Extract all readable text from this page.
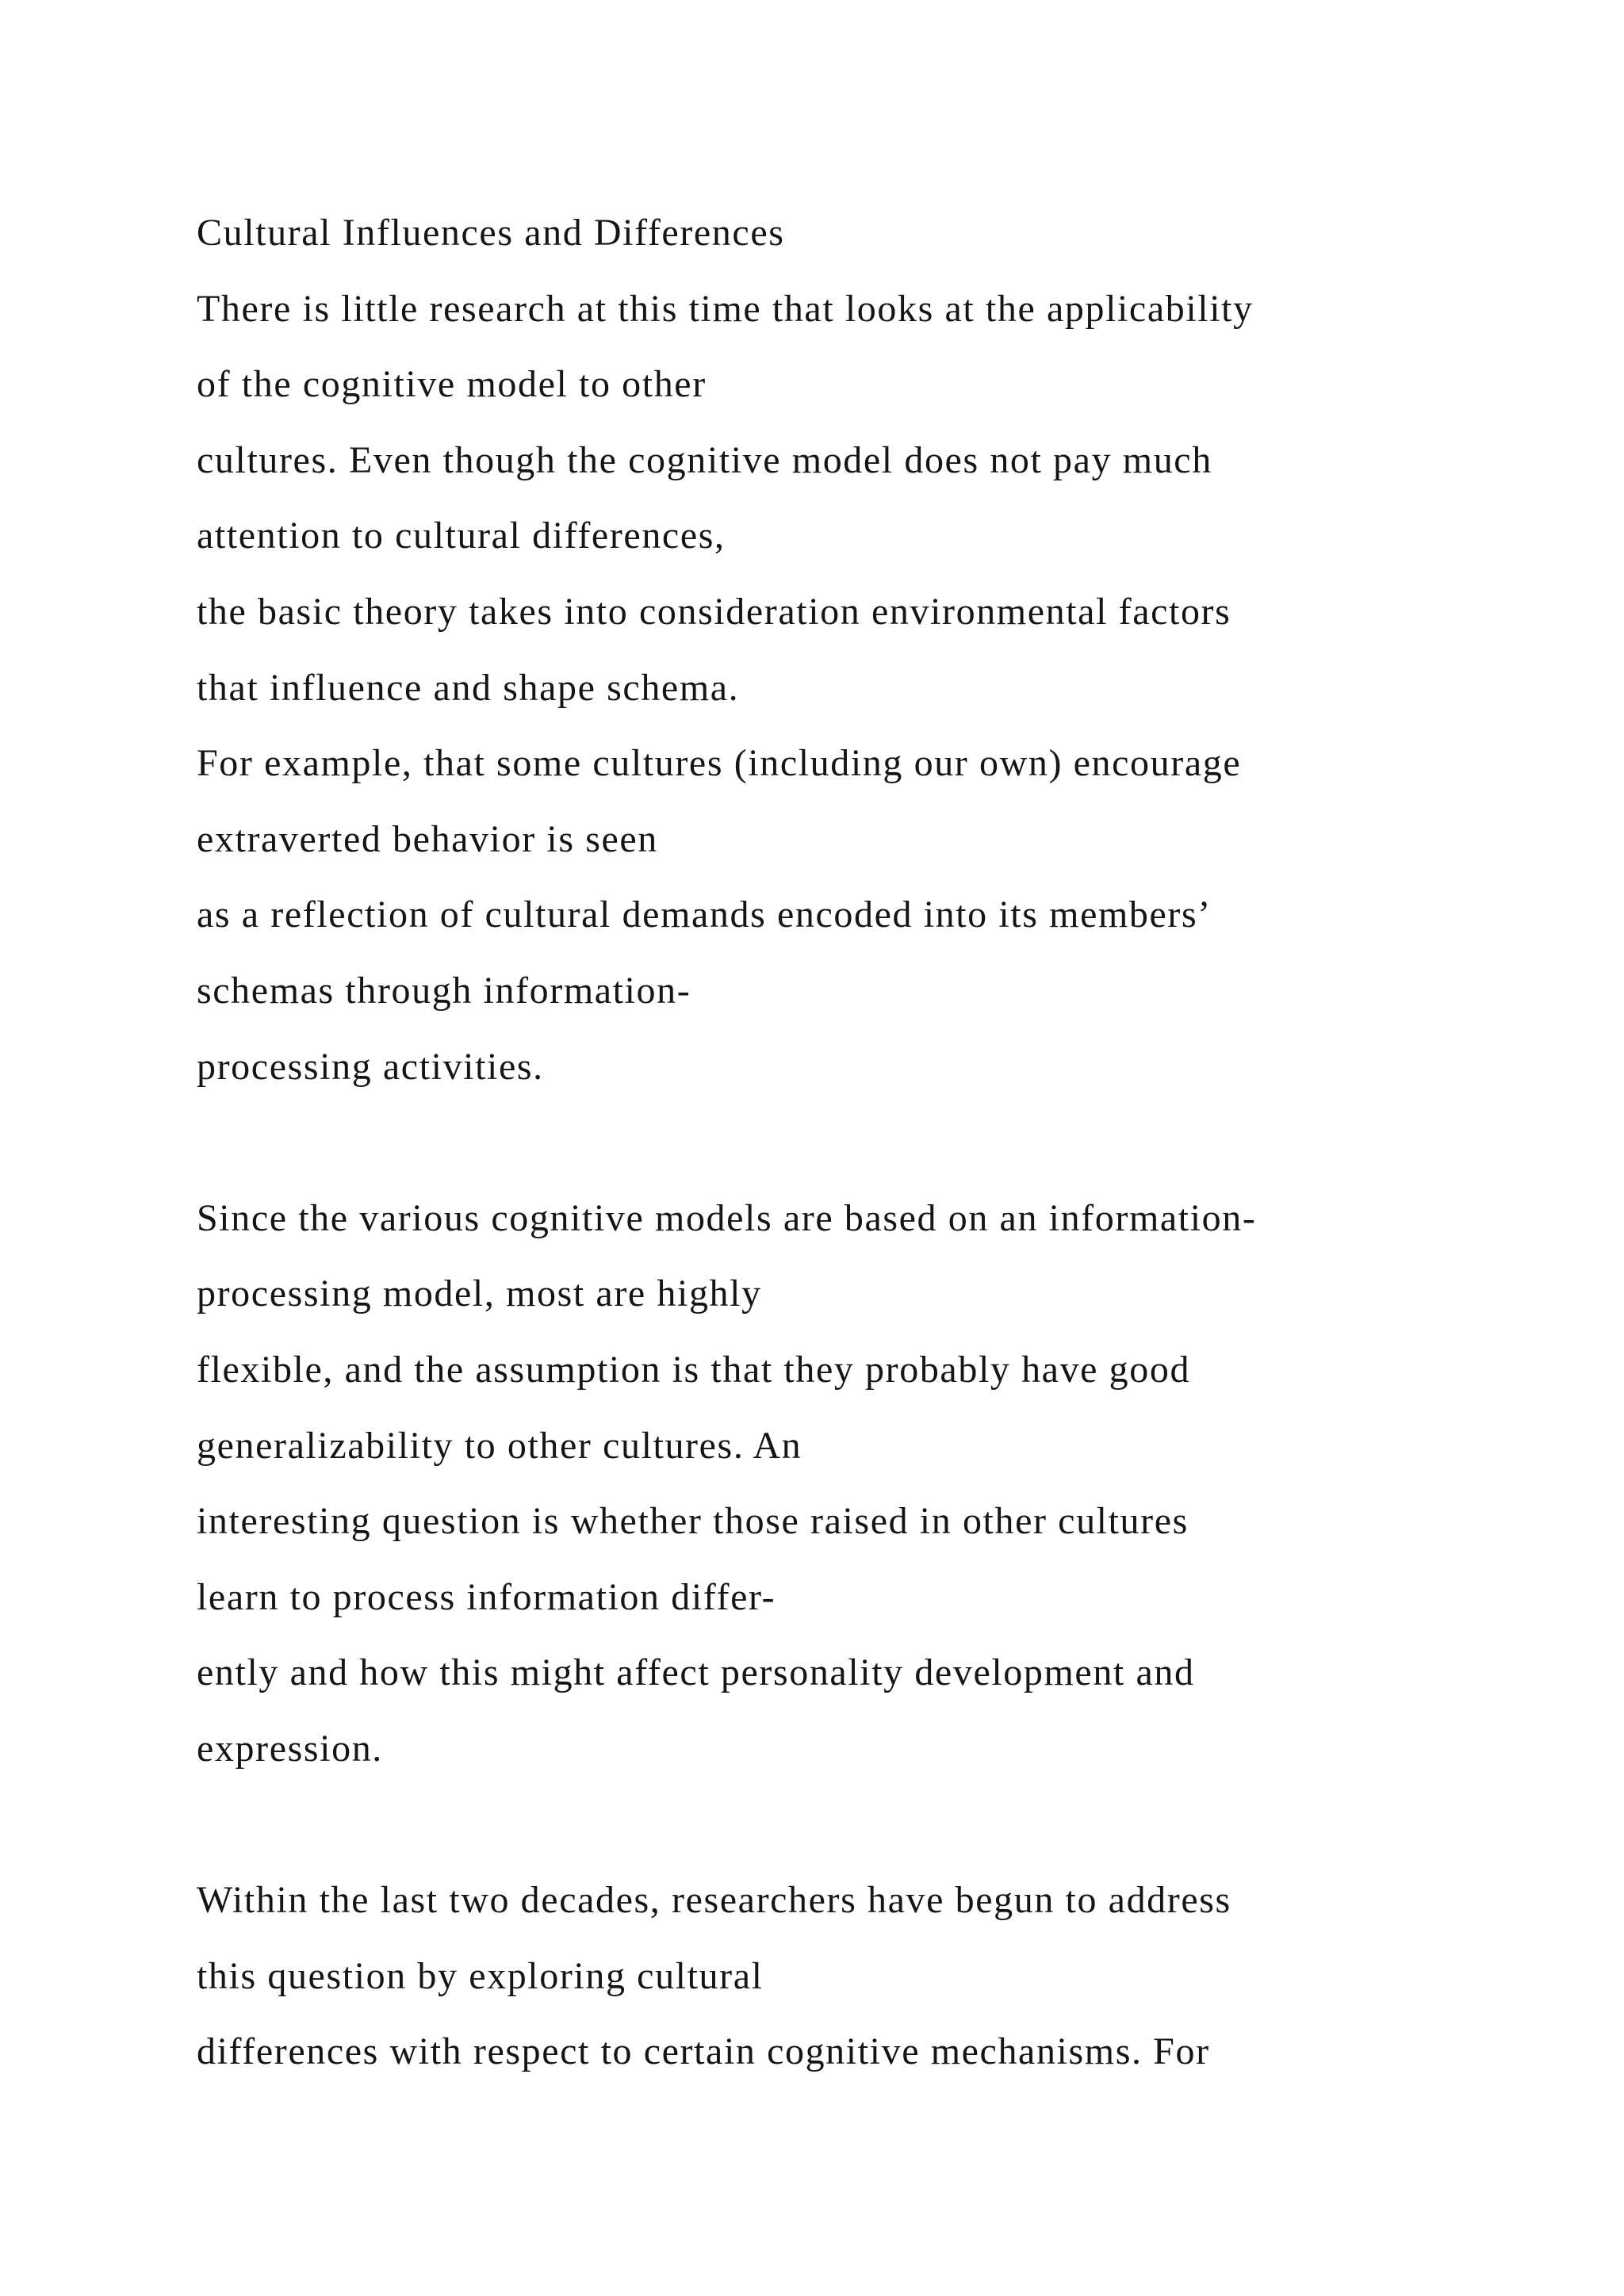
Cultural Influences and Differences
There is little research at this time that looks at the applicability
of the cognitive model to other
cultures. Even though the cognitive model does not pay much
attention to cultural differences,
the basic theory takes into consideration environmental factors
that influence and shape schema.
For example, that some cultures (including our own) encourage
extraverted behavior is seen
as a reflection of cultural demands encoded into its members’
schemas through information-
processing activities.
Since the various cognitive models are based on an information-
processing model, most are highly
flexible, and the assumption is that they probably have good
generalizability to other cultures. An
interesting question is whether those raised in other cultures
learn to process information differ-
ently and how this might affect personality development and
expression.
Within the last two decades, researchers have begun to address
this question by exploring cultural
differences with respect to certain cognitive mechanisms. For
